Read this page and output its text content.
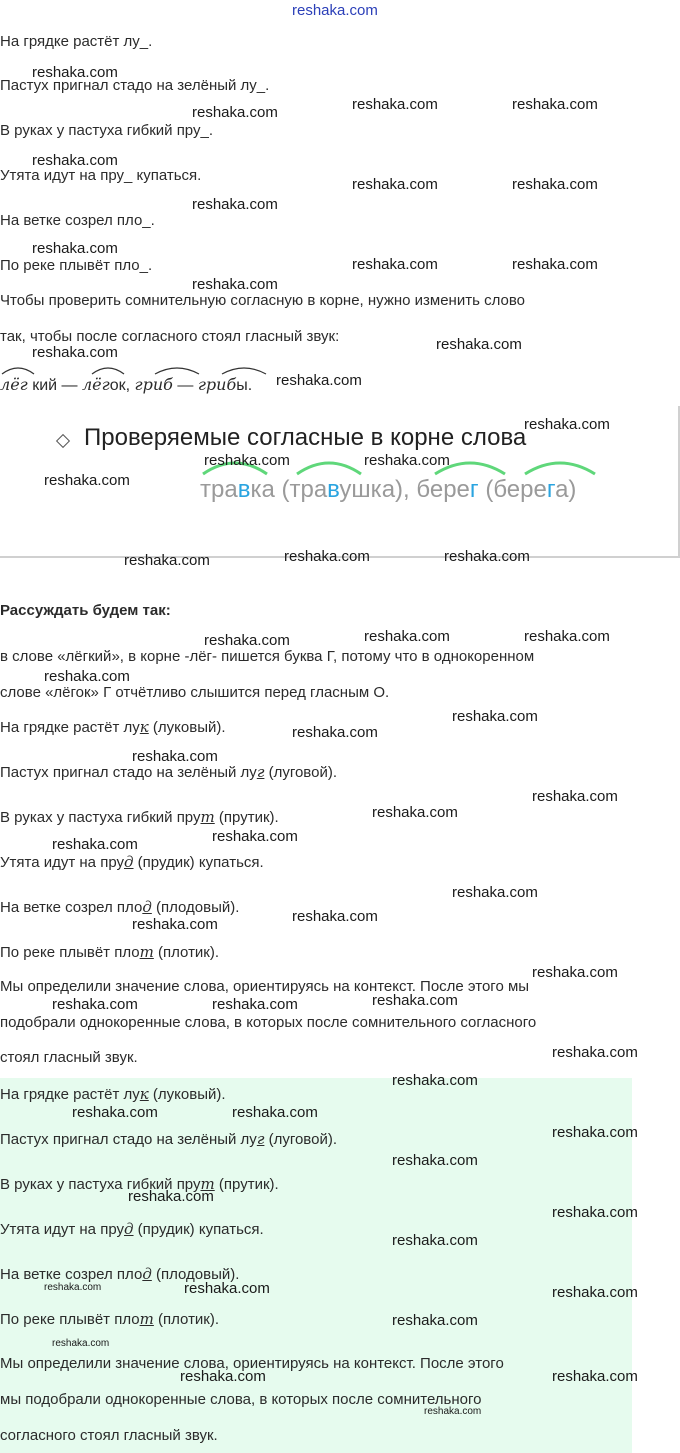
reshaka.com
На грядке растёт лу_.
Пастух пригнал стадо на зелёный лу_.
В руках у пастуха гибкий пру_.
Утята идут на пру_ купаться.
На ветке созрел пло_.
По реке плывёт пло_.
Чтобы проверить сомнительную согласную в корне, нужно изменить слово
так, чтобы после согласного стоял гласный звук:
лёг кий — лёгок, гриб — грибы.
Проверяемые согласные в корне слова
травка (травушка), берег (берега)
Рассуждать будем так:
в слове «лёгкий», в корне -лёг- пишется буква Г, потому что в однокоренном
слове «лёгок» Г отчётливо слышится перед гласным О.
На грядке растёт лук (луковый).
Пастух пригнал стадо на зелёный луг (луговой).
В руках у пастуха гибкий прут (прутик).
Утята идут на пруд (прудик) купаться.
На ветке созрел плод (плодовый).
По реке плывёт плот (плотик).
Мы определили значение слова, ориентируясь на контекст. После этого мы
подобрали однокоренные слова, в которых после сомнительного согласного
стоял гласный звук.
На грядке растёт лук (луковый).
Пастух пригнал стадо на зелёный луг (луговой).
В руках у пастуха гибкий прут (прутик).
Утята идут на пруд (прудик) купаться.
На ветке созрел плод (плодовый).
По реке плывёт плот (плотик).
Мы определили значение слова, ориентируясь на контекст. После этого
мы подобрали однокоренные слова, в которых после сомнительного
согласного стоял гласный звук.
reshaka.com
reshaka.com	reshaka.com	reshaka.com
reshaka.com
reshaka.com	reshaka.com
reshaka.com
reshaka.com
reshaka.com	reshaka.com
reshaka.com
reshaka.com
reshaka.com
reshaka.com
reshaka.com
reshaka.com	reshaka.com
reshaka.com
reshaka.com	reshaka.com
reshaka.com
reshaka.com	reshaka.com	reshaka.com
reshaka.com
reshaka.com
reshaka.com
reshaka.com
reshaka.com
reshaka.com
reshaka.com
reshaka.com
reshaka.com
reshaka.com
reshaka.com
reshaka.com
reshaka.com	reshaka.com	reshaka.com
reshaka.com
reshaka.com
reshaka.com	reshaka.com
reshaka.com
reshaka.com
reshaka.com
reshaka.com
reshaka.com
reshaka.com	reshaka.com	reshaka.com
reshaka.com
reshaka.com
reshaka.com	reshaka.com
reshaka.com
